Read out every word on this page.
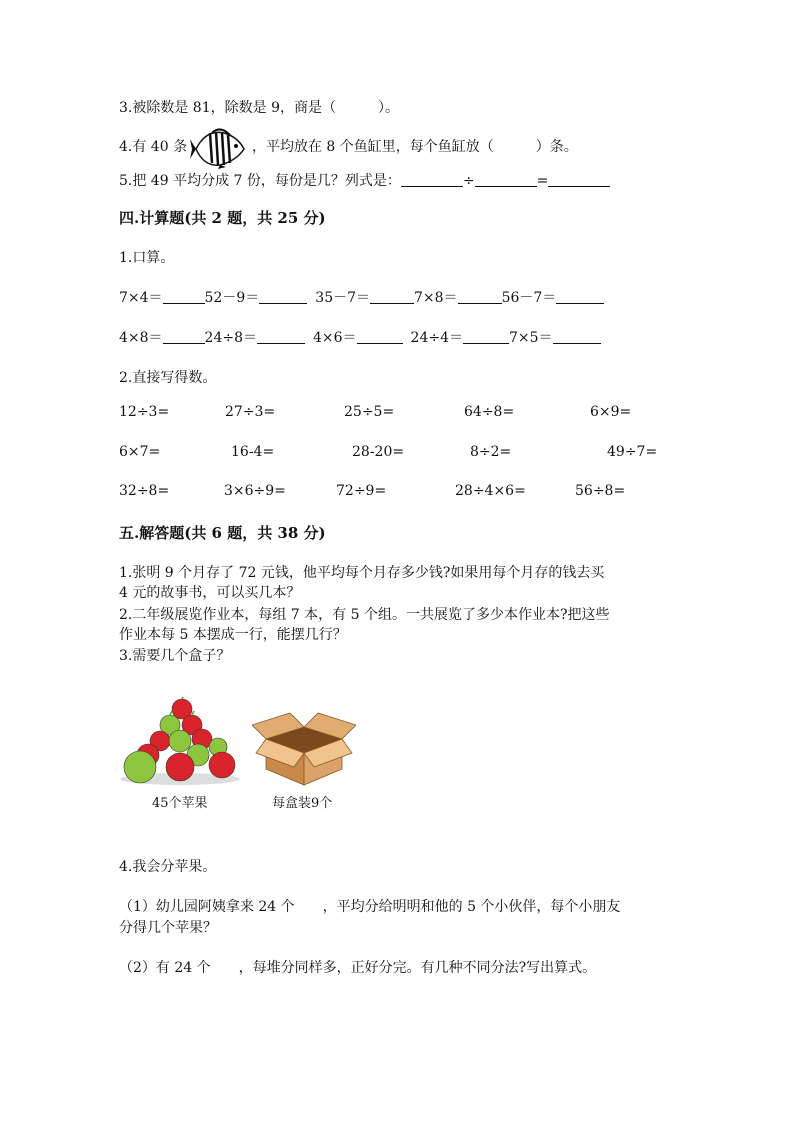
3.被除数是 81，除数是 9，商是（　　　）。
4.有 40 条	，平均放在 8 个鱼缸里，每个鱼缸放（　　　）条。
5.把 49 平均分成 7 份，每份是几？列式是：	÷	=
四.计算题(共 2 题，共 25 分)
1.口算。
7×4＝	52－9＝	35－7＝	7×8＝	56－7＝
4×8＝	24÷8＝	4×6＝	24÷4＝	7×5＝
2.直接写得数。
12÷3=	27÷3=	25÷5=	64÷8=	6×9=
6×7=	16-4=	28-20=	8÷2=	49÷7=
32÷8=	3×6÷9=	72÷9=	28÷4×6=	56÷8=
五.解答题(共 6 题，共 38 分)
1.张明 9 个月存了 72 元钱，他平均每个月存多少钱?如果用每个月存的钱去买
4 元的故事书，可以买几本？
2.二年级展览作业本，每组 7 本，有 5 个组。一共展览了多少本作业本?把这些
作业本每 5 本摆成一行，能摆几行？
3.需要几个盒子？
45个苹果	每盒装9个
4.我会分苹果。
（1）幼儿园阿姨拿来 24 个　　，平均分给明明和他的 5 个小伙伴，每个小朋友
分得几个苹果？
（2）有 24 个　　，每堆分同样多，正好分完。有几种不同分法?写出算式。
